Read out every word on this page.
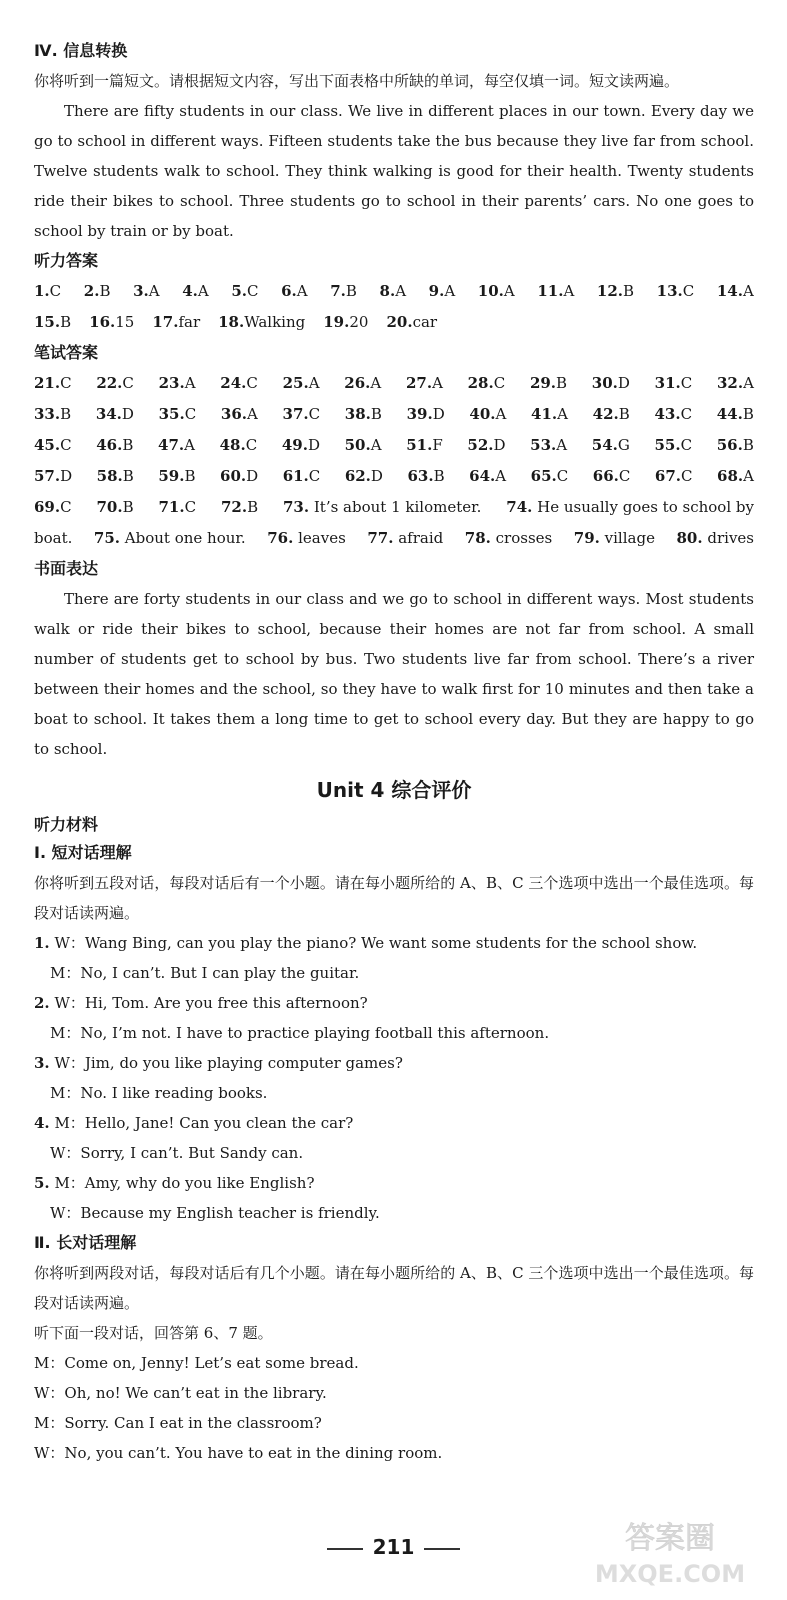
Ⅳ. 信息转换

你将听到一篇短文。请根据短文内容，写出下面表格中所缺的单词，每空仅填一词。短文读两遍。

There are fifty students in our class. We live in different places in our town. Every day we go to school in different ways. Fifteen students take the bus because they live far from school. Twelve students walk to school. They think walking is good for their health. Twenty students ride their bikes to school. Three students go to school in their parents’ cars. No one goes to school by train or by boat.

听力答案
1.C 2.B 3.A 4.A 5.C 6.A 7.B 8.A 9.A 10.A 11.A 12.B 13.C 14.A
15.B 16.15 17.far 18.Walking 19.20 20.car
笔试答案
21.C 22.C 23.A 24.C 25.A 26.A 27.A 28.C 29.B 30.D 31.C 32.A
33.B 34.D 35.C 36.A 37.C 38.B 39.D 40.A 41.A 42.B 43.C 44.B
45.C 46.B 47.A 48.C 49.D 50.A 51.F 52.D 53.A 54.G 55.C 56.B
57.D 58.B 59.B 60.D 61.C 62.D 63.B 64.A 65.C 66.C 67.C 68.A
69.C 70.B 71.C 72.B 73. It’s about 1 kilometer. 74. He usually goes to school by
boat. 75. About one hour. 76. leaves 77. afraid 78. crosses 79. village 80. drives
书面表达

There are forty students in our class and we go to school in different ways. Most students walk or ride their bikes to school, because their homes are not far from school. A small number of students get to school by bus. Two students live far from school. There’s a river between their homes and the school, so they have to walk first for 10 minutes and then take a boat to school. It takes them a long time to get to school every day. But they are happy to go to school.

Unit 4 综合评价
听力材料
Ⅰ. 短对话理解

你将听到五段对话，每段对话后有一个小题。请在每小题所给的 A、B、C 三个选项中选出一个最佳选项。每段对话读两遍。

1. W：Wang Bing, can you play the piano? We want some students for the school show.

M：No, I can’t. But I can play the guitar.

2. W：Hi, Tom. Are you free this afternoon?

M：No, I’m not. I have to practice playing football this afternoon.

3. W：Jim, do you like playing computer games?

M：No. I like reading books.

4. M：Hello, Jane! Can you clean the car?

W：Sorry, I can’t. But Sandy can.

5. M：Amy, why do you like English?

W：Because my English teacher is friendly.

Ⅱ. 长对话理解

你将听到两段对话，每段对话后有几个小题。请在每小题所给的 A、B、C 三个选项中选出一个最佳选项。每段对话读两遍。

听下面一段对话，回答第 6、7 题。

M：Come on, Jenny! Let’s eat some bread.

W：Oh, no! We can’t eat in the library.

M：Sorry. Can I eat in the classroom?

W：No, you can’t. You have to eat in the dining room.

211	答案圈
MXQE.COM
